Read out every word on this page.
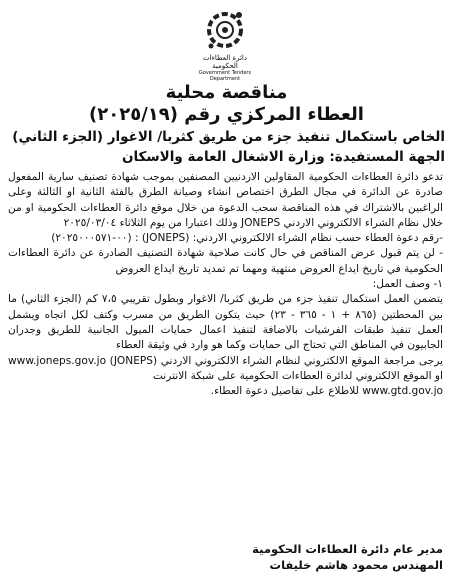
دائرة العطاءات الحكومية
Government Tenders Department
مناقصة محلية
العطاء المركزي رقم (٢٠٢٥/١٩)
الخاص باستكمال تنفيذ جزء من طريق كثربا/ الاغوار (الجزء الثاني)
الجهة المستفيدة: وزارة الاشغال العامة والاسكان

تدعو دائرة العطاءات الحكومية المقاولين الاردنيين المصنفين بموجب شهادة تصنيف سارية المفعول صادرة عن الدائرة في مجال الطرق اختصاص انشاء وصيانة الطرق بالفئة الثانية او الثالثة وعلى الراغبين بالاشتراك في هذه المناقصة سحب الدعوة من خلال موقع دائرة العطاءات الحكومية او من خلال نظام الشراء الالكتروني الاردني JONEPS وذلك اعتبارا من يوم الثلاثاء ٢٠٢٥/٠٣/٠٤

-رقم دعوة العطاء حسب نظام الشراء الالكتروني الاردني: (JONEPS) : (٠٠-٢٠٢٥٠٠٠٥٧١)

- لن يتم قبول عرض المناقص في حال كانت صلاحية شهادة التصنيف الصادرة عن دائرة العطاءات الحكومية في تاريخ ايداع العروض منتهية ومهما تم تمديد تاريخ ايداع العروض

١- وصف العمل:

يتضمن العمل استكمال تنفيذ جزء من طريق كثربا/ الاغوار وبطول تقريبي ٧،٥ كم (الجزء الثاني) ما بين المحطتين (٨٦٥ + ١ - ٣٦٥ - ٢٣) حيث يتكون الطريق من مسرب وكتف لكل اتجاه ويشمل العمل تنفيذ طبقات الفرشيات بالاضافة لتنفيذ اعمال حمايات الميول الجانبية للطريق وجدران الجابيون في المناطق التي تحتاج الى حمايات وكما هو وارد في وثيقة العطاء

يرجى مراجعة الموقع الالكتروني لنظام الشراء الالكتروني الاردني (JONEPS) www.joneps.gov.jo او الموقع الالكتروني لدائرة العطاءات الحكومية على شبكة الانترنت

www.gtd.gov.jo للاطلاع على تفاصيل دعوة العطاء.

مدير عام دائرة العطاءات الحكومية
المهندس محمود هاشم خليفات
